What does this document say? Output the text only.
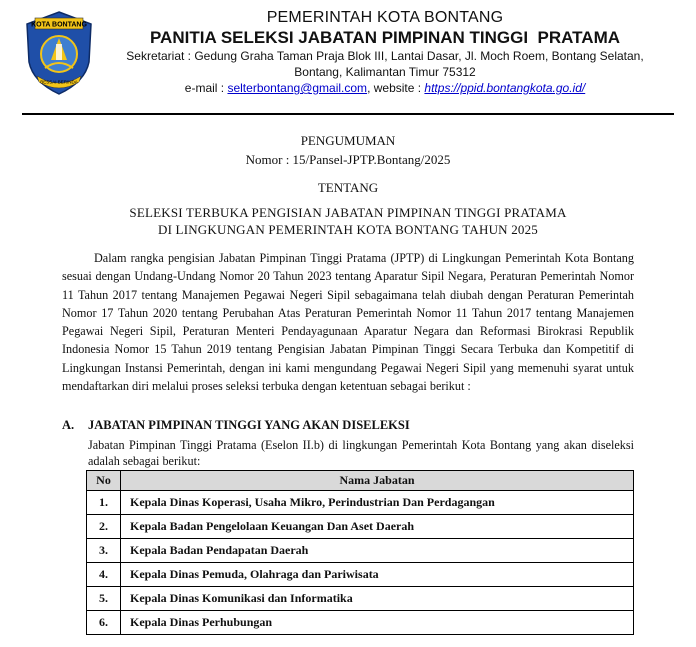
KOTA BONTANG
BESSAI BERINDA
PEMERINTAH KOTA BONTANG
PANITIA SELEKSI JABATAN PIMPINAN TINGGI  PRATAMA
Sekretariat : Gedung Graha Taman Praja Blok III, Lantai Dasar, Jl. Moch Roem, Bontang Selatan,
Bontang, Kalimantan Timur 75312
e-mail : selterbontang@gmail.com, website : https://ppid.bontangkota.go.id/
PENGUMUMAN
Nomor : 15/Pansel-JPTP.Bontang/2025
TENTANG
SELEKSI TERBUKA PENGISIAN JABATAN PIMPINAN TINGGI PRATAMA
DI LINGKUNGAN PEMERINTAH KOTA BONTANG TAHUN 2025
Dalam rangka pengisian Jabatan Pimpinan Tinggi Pratama (JPTP) di Lingkungan Pemerintah Kota Bontang sesuai dengan Undang-Undang Nomor 20 Tahun 2023 tentang Aparatur Sipil Negara, Peraturan Pemerintah Nomor 11 Tahun 2017 tentang Manajemen Pegawai Negeri Sipil sebagaimana telah diubah dengan Peraturan Pemerintah Nomor 17 Tahun 2020 tentang Perubahan Atas Peraturan Pemerintah Nomor 11 Tahun 2017 tentang Manajemen Pegawai Negeri Sipil, Peraturan Menteri Pendayagunaan Aparatur Negara dan Reformasi Birokrasi Republik Indonesia Nomor 15 Tahun 2019 tentang Pengisian Jabatan Pimpinan Tinggi Secara Terbuka dan Kompetitif di Lingkungan Instansi Pemerintah, dengan ini kami mengundang Pegawai Negeri Sipil yang memenuhi syarat untuk mendaftarkan diri melalui proses seleksi terbuka dengan ketentuan sebagai berikut :
A. JABATAN PIMPINAN TINGGI YANG AKAN DISELEKSI
Jabatan Pimpinan Tinggi Pratama (Eselon II.b) di lingkungan Pemerintah Kota Bontang yang akan diseleksi adalah sebagai berikut:
No	Nama Jabatan
1.	Kepala Dinas Koperasi, Usaha Mikro, Perindustrian Dan Perdagangan
2.	Kepala Badan Pengelolaan Keuangan Dan Aset Daerah
3.	Kepala Badan Pendapatan Daerah
4.	Kepala Dinas Pemuda, Olahraga dan Pariwisata
5.	Kepala Dinas Komunikasi dan Informatika
6.	Kepala Dinas Perhubungan
